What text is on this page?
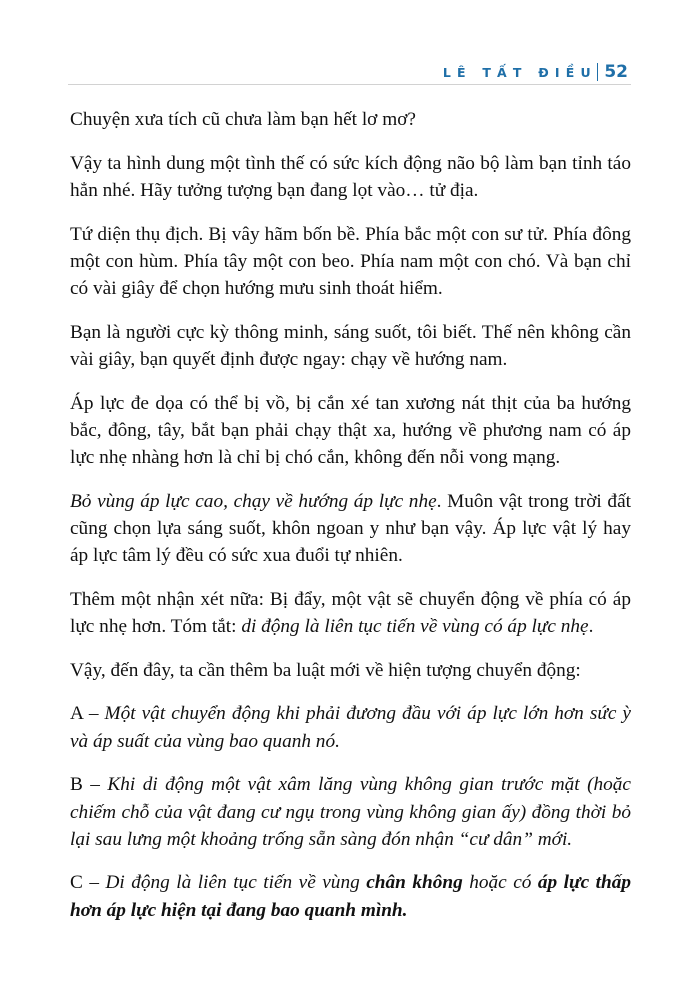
LÊ TẤT ĐIỀU 52

Chuyện xưa tích cũ chưa làm bạn hết lơ mơ?

Vậy ta hình dung một tình thế có sức kích động não bộ làm bạn tỉnh táo hẳn nhé. Hãy tưởng tượng bạn đang lọt vào… tử địa.

Tứ diện thụ địch. Bị vây hãm bốn bề. Phía bắc một con sư tử. Phía đông một con hùm. Phía tây một con beo. Phía nam một con chó. Và bạn chỉ có vài giây để chọn hướng mưu sinh thoát hiểm.

Bạn là người cực kỳ thông minh, sáng suốt, tôi biết. Thế nên không cần vài giây, bạn quyết định được ngay: chạy về hướng nam.

Áp lực đe dọa có thể bị vồ, bị cắn xé tan xương nát thịt của ba hướng bắc, đông, tây, bắt bạn phải chạy thật xa, hướng về phương nam có áp lực nhẹ nhàng hơn là chỉ bị chó cắn, không đến nỗi vong mạng.

Bỏ vùng áp lực cao, chạy về hướng áp lực nhẹ. Muôn vật trong trời đất cũng chọn lựa sáng suốt, khôn ngoan y như bạn vậy. Áp lực vật lý hay áp lực tâm lý đều có sức xua đuổi tự nhiên.

Thêm một nhận xét nữa: Bị đẩy, một vật sẽ chuyển động về phía có áp lực nhẹ hơn. Tóm tắt: di động là liên tục tiến về vùng có áp lực nhẹ.

Vậy, đến đây, ta cần thêm ba luật mới về hiện tượng chuyển động:

A – Một vật chuyển động khi phải đương đầu với áp lực lớn hơn sức ỳ và áp suất của vùng bao quanh nó.

B – Khi di động một vật xâm lăng vùng không gian trước mặt (hoặc chiếm chỗ của vật đang cư ngụ trong vùng không gian ấy) đồng thời bỏ lại sau lưng một khoảng trống sẵn sàng đón nhận “cư dân” mới.

C – Di động là liên tục tiến về vùng chân không hoặc có áp lực thấp hơn áp lực hiện tại đang bao quanh mình.
